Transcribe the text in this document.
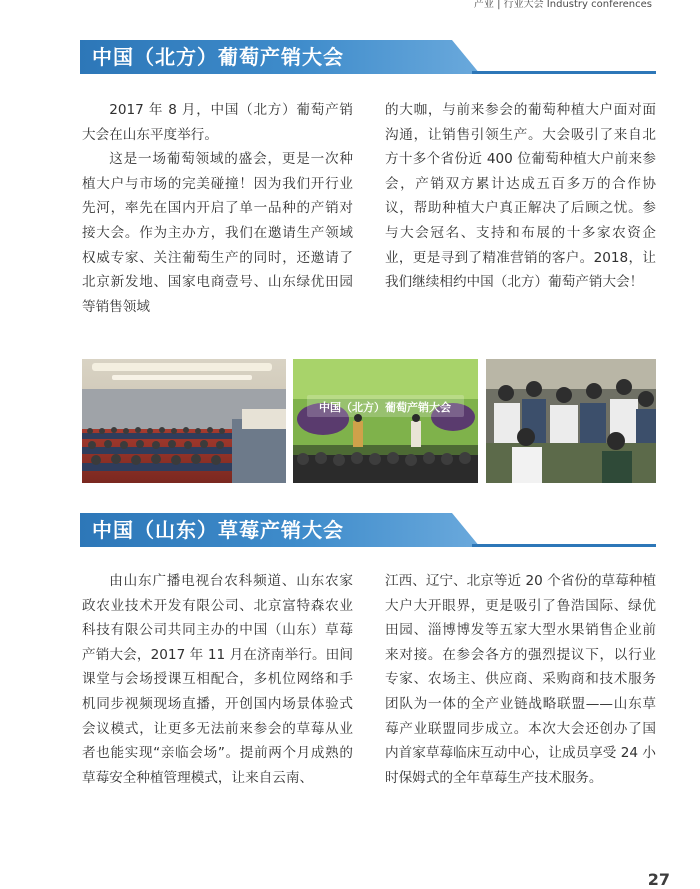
产业 | 行业大会 Industry conferences
中国（北方）葡萄产销大会

2017 年 8 月，中国（北方）葡萄产销大会在山东平度举行。

这是一场葡萄领域的盛会，更是一次种植大户与市场的完美碰撞！因为我们开行业先河，率先在国内开启了单一品种的产销对接大会。作为主办方，我们在邀请生产领域权威专家、关注葡萄生产的同时，还邀请了北京新发地、国家电商壹号、山东绿优田园等销售领域

的大咖，与前来参会的葡萄种植大户面对面沟通，让销售引领生产。大会吸引了来自北方十多个省份近 400 位葡萄种植大户前来参会，产销双方累计达成五百多万的合作协议，帮助种植大户真正解决了后顾之忧。参与大会冠名、支持和布展的十多家农资企业，更是寻到了精准营销的客户。2018，让我们继续相约中国（北方）葡萄产销大会！

中国（北方）葡萄产销大会
中国（山东）草莓产销大会

由山东广播电视台农科频道、山东农家政农业技术开发有限公司、北京富特森农业科技有限公司共同主办的中国（山东）草莓产销大会，2017 年 11 月在济南举行。田间课堂与会场授课互相配合，多机位网络和手机同步视频现场直播，开创国内场景体验式会议模式，让更多无法前来参会的草莓从业者也能实现“亲临会场”。提前两个月成熟的草莓安全种植管理模式，让来自云南、

江西、辽宁、北京等近 20 个省份的草莓种植大户大开眼界，更是吸引了鲁浩国际、绿优田园、淄博博发等五家大型水果销售企业前来对接。在参会各方的强烈提议下，以行业专家、农场主、供应商、采购商和技术服务团队为一体的全产业链战略联盟——山东草莓产业联盟同步成立。本次大会还创办了国内首家草莓临床互动中心，让成员享受 24 小时保姆式的全年草莓生产技术服务。

27
